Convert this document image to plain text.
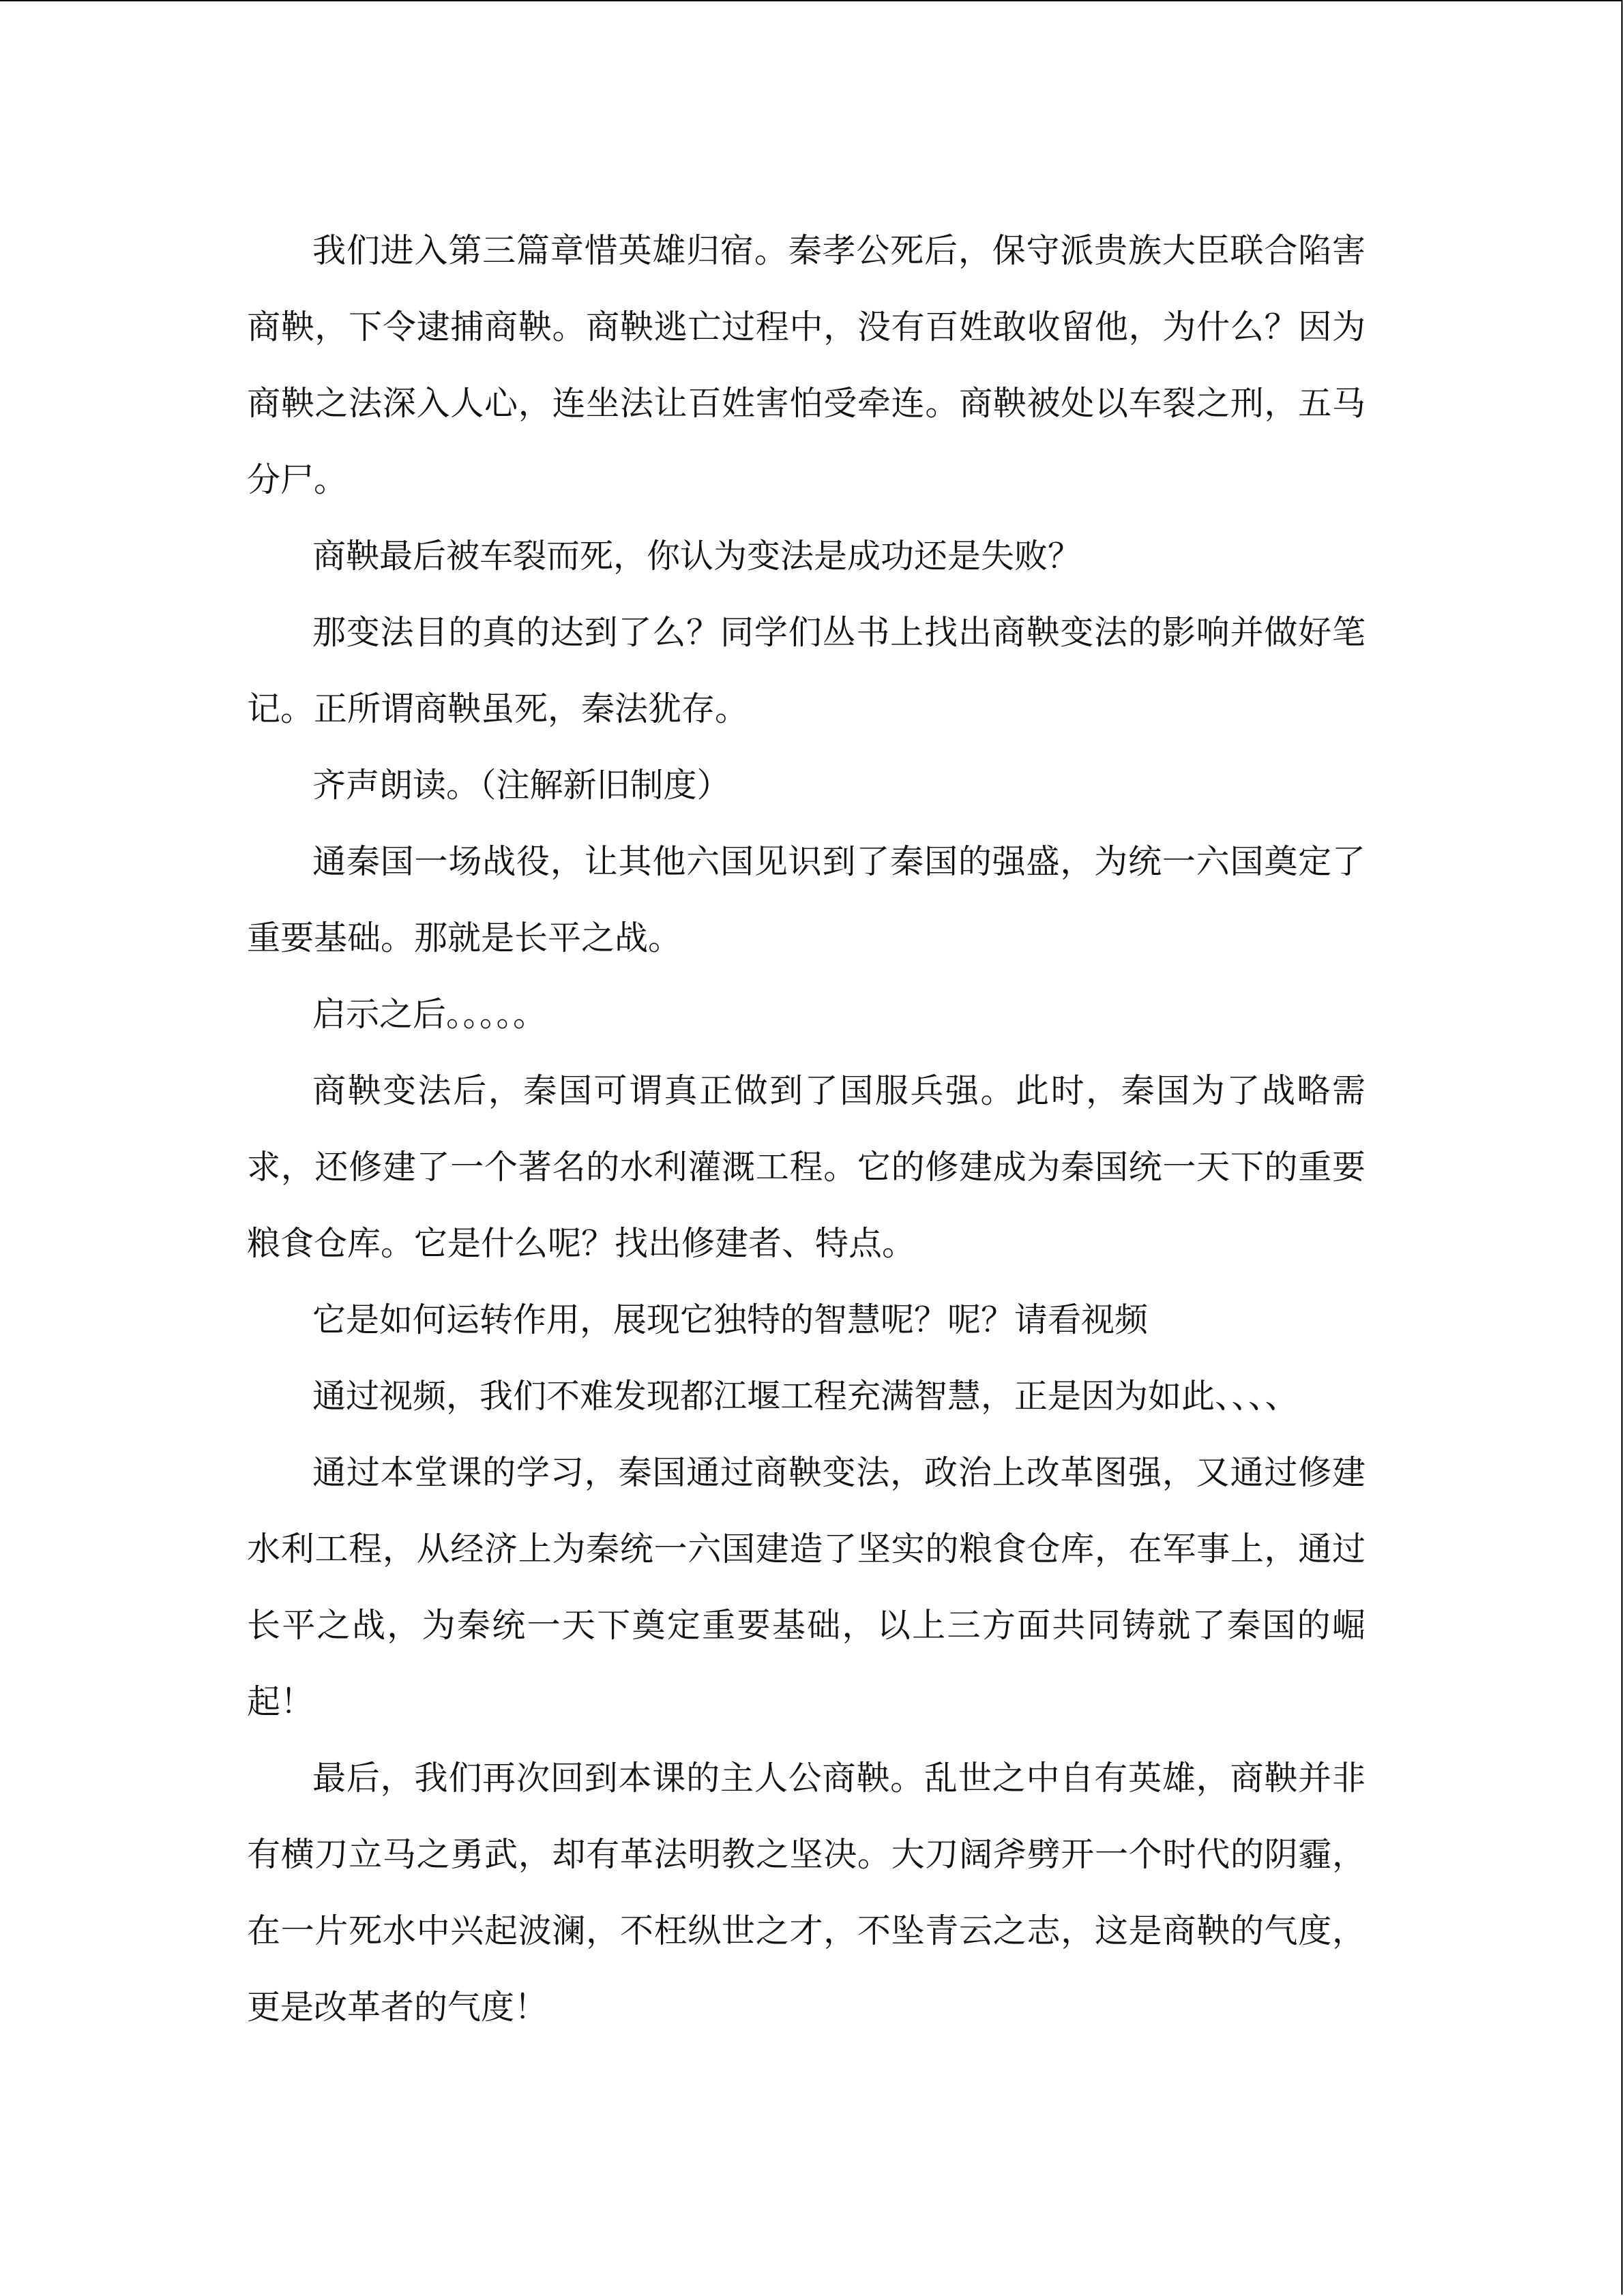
我们进入第三篇章惜英雄归宿。秦孝公死后，保守派贵族大臣联合陷害商鞅，下令逮捕商鞅。商鞅逃亡过程中，没有百姓敢收留他，为什么？因为商鞅之法深入人心，连坐法让百姓害怕受牵连。商鞅被处以车裂之刑，五马分尸。

商鞅最后被车裂而死，你认为变法是成功还是失败？

那变法目的真的达到了么？同学们丛书上找出商鞅变法的影响并做好笔记。正所谓商鞅虽死，秦法犹存。

齐声朗读。（注解新旧制度）

通秦国一场战役，让其他六国见识到了秦国的强盛，为统一六国奠定了重要基础。那就是长平之战。

启示之后。。。。。

商鞅变法后，秦国可谓真正做到了国服兵强。此时，秦国为了战略需求，还修建了一个著名的水利灌溉工程。它的修建成为秦国统一天下的重要粮食仓库。它是什么呢？找出修建者、特点。

它是如何运转作用，展现它独特的智慧呢？呢？请看视频

通过视频，我们不难发现都江堰工程充满智慧，正是因为如此、、、、

通过本堂课的学习，秦国通过商鞅变法，政治上改革图强，又通过修建水利工程，从经济上为秦统一六国建造了坚实的粮食仓库，在军事上，通过长平之战，为秦统一天下奠定重要基础，以上三方面共同铸就了秦国的崛起！

最后，我们再次回到本课的主人公商鞅。乱世之中自有英雄，商鞅并非有横刀立马之勇武，却有革法明教之坚决。大刀阔斧劈开一个时代的阴霾，在一片死水中兴起波澜，不枉纵世之才，不坠青云之志，这是商鞅的气度，更是改革者的气度！
